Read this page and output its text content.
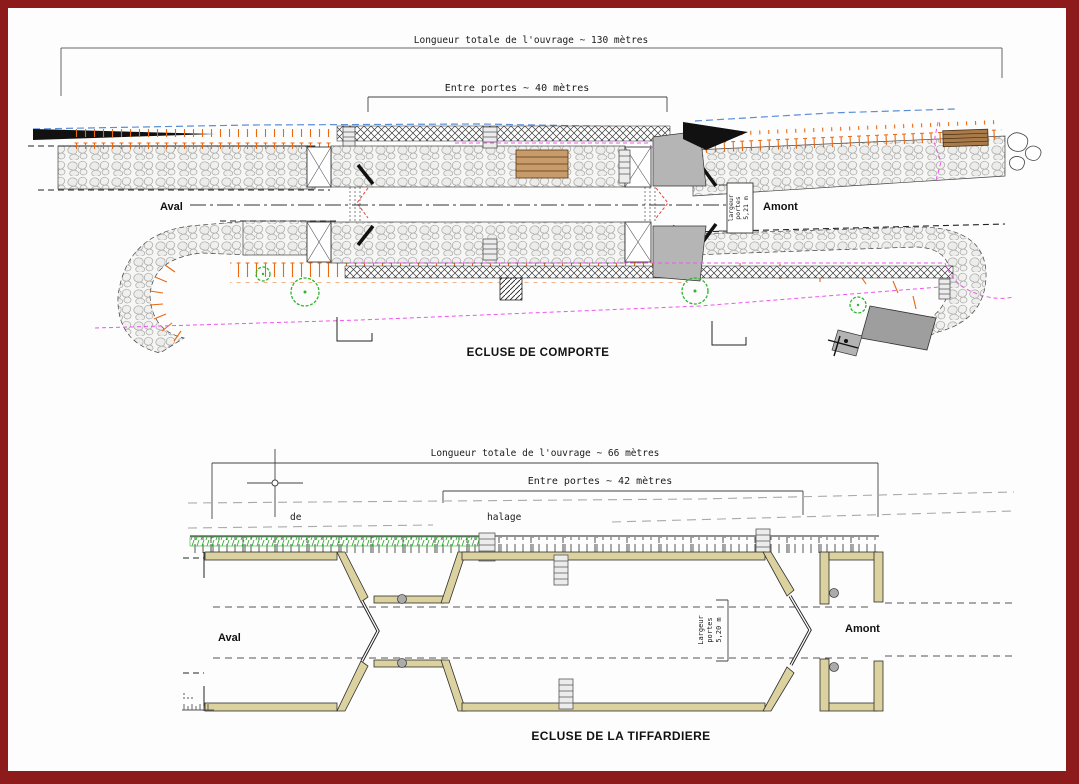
Longueur totale de l'ouvrage ~ 130 mètres
Entre portes ~ 40 mètres
Aval	Amont
largeur portes 5,21 m
ECLUSE DE COMPORTE
Longueur totale de l'ouvrage ~ 66 mètres
Entre portes ~ 42 mètres
de	halage
Largeur portes 5,20 m
Aval
Amont
ECLUSE DE LA TIFFARDIERE
